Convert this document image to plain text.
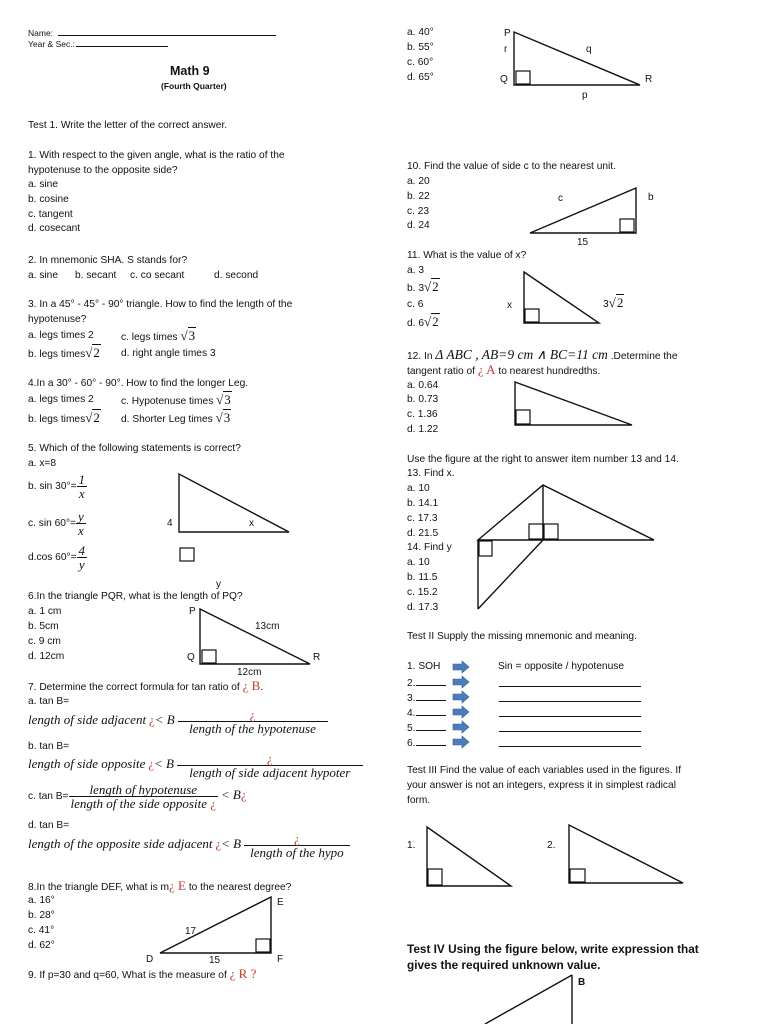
Name:
Year & Sec.:
Math 9
(Fourth Quarter)
Test 1. Write the letter of the correct answer.
1. With respect to the given angle, what is the ratio of the
hypotenuse to the opposite side?
a. sine
b. cosine
c. tangent
d. cosecant
2. In mnemonic SHA. S stands for?
a. sine b. secant c. co secant	d. second
3. In a 45° - 45° - 90° triangle. How to find the length of the
hypotenuse?
a. legs times 2	c. legs times √3
b. legs times√2 d. right angle times 3
4.In a 30° - 60° - 90°. How to find the longer Leg.
a. legs times 2	c. Hypotenuse times √3
b. legs times√2 d. Shorter Leg times √3
5. Which of the following statements is correct?
a. x=8
b. $\sin 30^\circ= \frac{1}{x}$
c. $\sin 60^\circ= \frac{y}{x}$
d.cos $60^\circ= \frac{4}{y}$
4	x
y
6.In the triangle PQR, what is the length of PQ?
a. 1 cm
b. 5cm
c. 9 cm
d. 12cm
P
Q	R
13cm
12cm
7. Determine the correct formula for tan ratio of ¿ B.
a. tan B=
length of side adjacent ¿< B $\frac{¿}{\text{length of the hypotenuse}}$
b. tan B=
length of side opposite ¿< B $\frac{¿}{\text{length of side adjacent hypoter}}$
c. $\tan B= \frac{\text{length of hypotenuse}}{\text{length of the side opposite ¿}}$ < B¿
d. tan B=
length of the opposite side adjacent ¿< B $\frac{¿}{\text{length of the hypo}}$
8.In the triangle DEF, what is m¿ E to the nearest degree?
a. 16°
b. 28°
c. 41°
d. 62°
D
E
F
17
15
9. If p=30 and q=60, What is the measure of ¿ R ?
a. 40°
b. 55°
c. 60°
d. 65°
P
r
Q	R
q
p
10. Find the value of side c to the nearest unit.
a. 20
b. 22
c. 23
d. 24
c	b
15
11. What is the value of x?
a. 3
b. 3√2
c. 6
d. 6√2
x	3√2
12. In Δ ABC , AB=9 cm ∧ BC=11 cm .Determine the
tangent ratio of ¿ A to nearest hundredths.
a. 0.64
b. 0.73
c. 1.36
d. 1.22
Use the figure at the right to answer item number 13 and 14.
13. Find x.
a. 10
b. 14.1
c. 17.3
d. 21.5
14. Find y
a. 10
b. 11.5
c. 15.2
d. 17.3
Test II Supply the missing mnemonic and meaning.
1. SOH	Sin = opposite / hypotenuse
2.
3.
4.
5.
6.
Test III Find the value of each variables used in the figures. If
your answer is not an integers, express it in simplest radical
form.
1.	2.
Test IV Using the figure below, write expression that
gives the required unknown value.
B
